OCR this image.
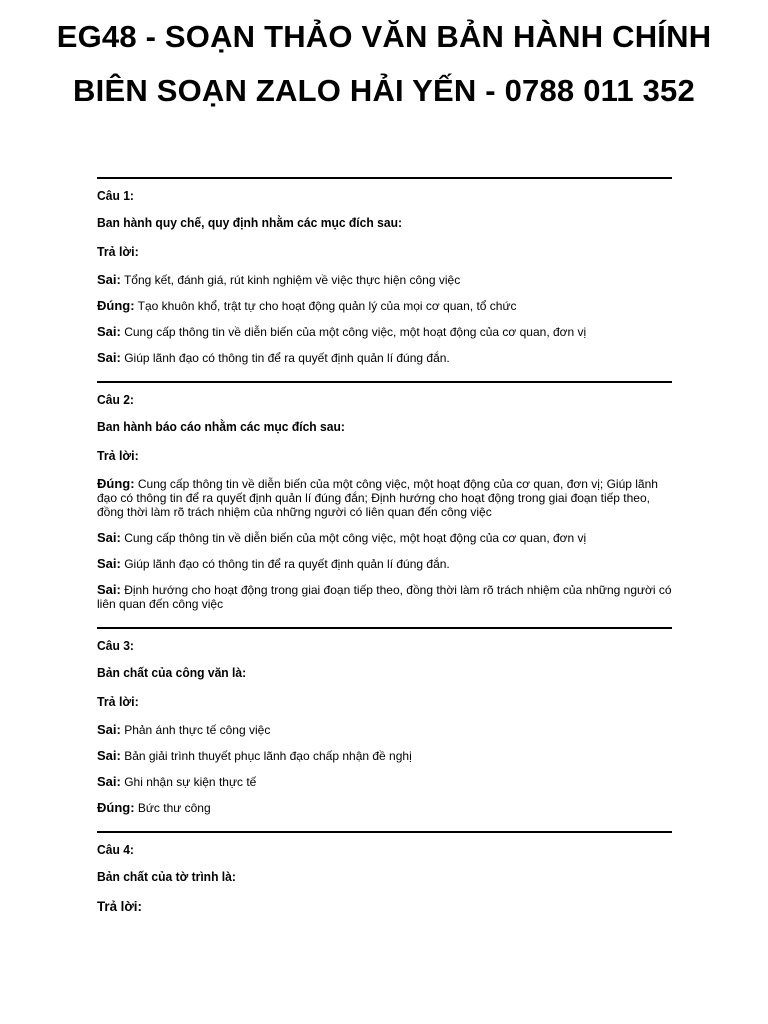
EG48 - SOẠN THẢO VĂN BẢN HÀNH CHÍNH
BIÊN SOẠN ZALO HẢI YẾN - 0788 011 352
Câu 1:
Ban hành quy chế, quy định nhằm các mục đích sau:
Trả lời:
Sai: Tổng kết, đánh giá, rút kinh nghiệm về việc thực hiện công việc
Đúng: Tạo khuôn khổ, trật tự cho hoạt động quản lý của mọi cơ quan, tổ chức
Sai: Cung cấp thông tin về diễn biến của một công việc, một hoạt động của cơ quan, đơn vị
Sai: Giúp lãnh đạo có thông tin để ra quyết định quản lí đúng đắn.
Câu 2:
Ban hành báo cáo nhằm các mục đích sau:
Trả lời:
Đúng: Cung cấp thông tin về diễn biến của một công việc, một hoạt động của cơ quan, đơn vị; Giúp lãnh đạo có thông tin để ra quyết định quản lí đúng đắn; Định hướng cho hoạt động trong giai đoạn tiếp theo, đồng thời làm rõ trách nhiệm của những người có liên quan đến công việc
Sai: Cung cấp thông tin về diễn biến của một công việc, một hoạt động của cơ quan, đơn vị
Sai: Giúp lãnh đạo có thông tin để ra quyết định quản lí đúng đắn.
Sai: Định hướng cho hoạt động trong giai đoạn tiếp theo, đồng thời làm rõ trách nhiệm của những người có liên quan đến công việc
Câu 3:
Bản chất của công văn là:
Trả lời:
Sai: Phản ánh thực tế công việc
Sai: Bản giải trình thuyết phục lãnh đạo chấp nhận đề nghị
Sai: Ghi nhận sự kiện thực tế
Đúng: Bức thư công
Câu 4:
Bản chất của tờ trình là:
Trả lời:
